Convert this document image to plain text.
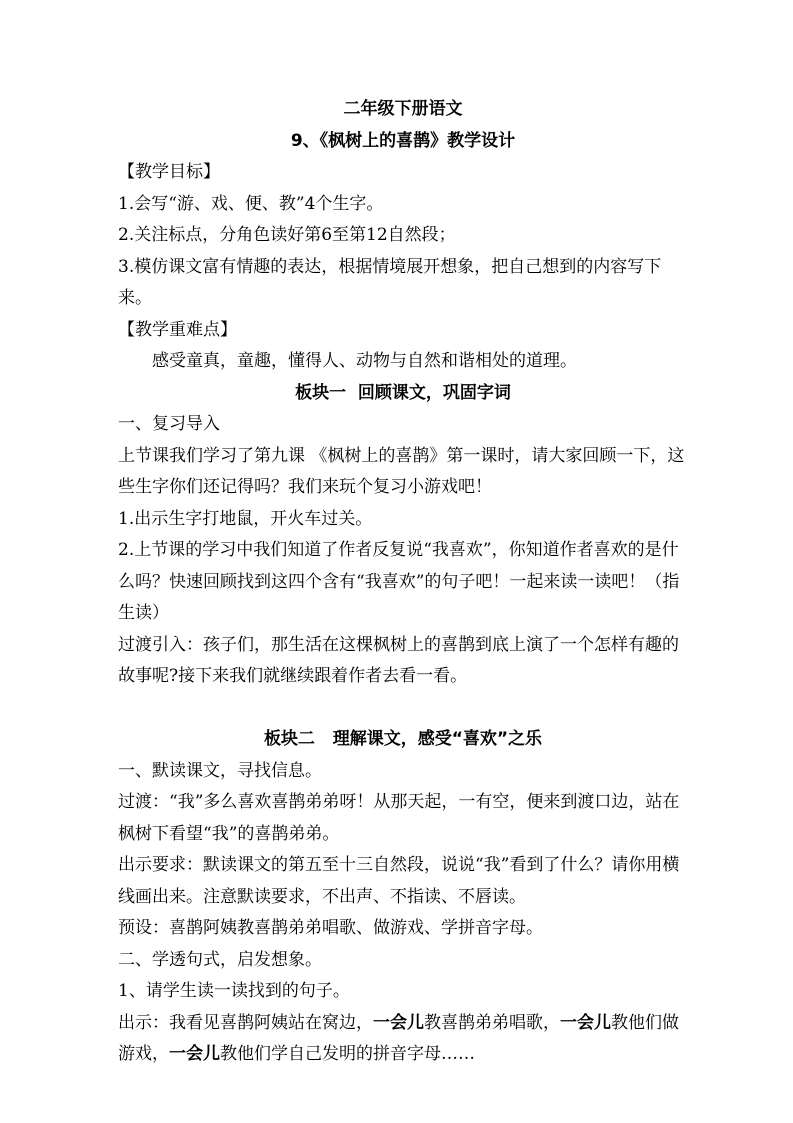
二年级下册语文

9、《枫树上的喜鹊》教学设计

【教学目标】

1.会写“游、戏、便、教”4个生字。

2.关注标点，分角色读好第6至第12自然段；

3.模仿课文富有情趣的表达，根据情境展开想象，把自己想到的内容写下来。

【教学重难点】

感受童真，童趣，懂得人、动物与自然和谐相处的道理。

板块一  回顾课文，巩固字词

一、复习导入

上节课我们学习了第九课 《枫树上的喜鹊》第一课时，请大家回顾一下，这些生字你们还记得吗？我们来玩个复习小游戏吧！

1.出示生字打地鼠，开火车过关。

2.上节课的学习中我们知道了作者反复说“我喜欢”，你知道作者喜欢的是什么吗？快速回顾找到这四个含有“我喜欢”的句子吧！一起来读一读吧！（指生读）

过渡引入：孩子们，那生活在这棵枫树上的喜鹊到底上演了一个怎样有趣的故事呢?接下来我们就继续跟着作者去看一看。

板块二   理解课文，感受“喜欢”之乐

一、默读课文，寻找信息。

过渡：“我”多么喜欢喜鹊弟弟呀！从那天起，一有空，便来到渡口边，站在枫树下看望“我”的喜鹊弟弟。

出示要求：默读课文的第五至十三自然段，说说“我”看到了什么？请你用横线画出来。注意默读要求，不出声、不指读、不唇读。

预设：喜鹊阿姨教喜鹊弟弟唱歌、做游戏、学拼音字母。

二、学透句式，启发想象。

1、请学生读一读找到的句子。

出示：我看见喜鹊阿姨站在窝边，一会儿教喜鹊弟弟唱歌，一会儿教他们做游戏，一会儿教他们学自己发明的拼音字母……
